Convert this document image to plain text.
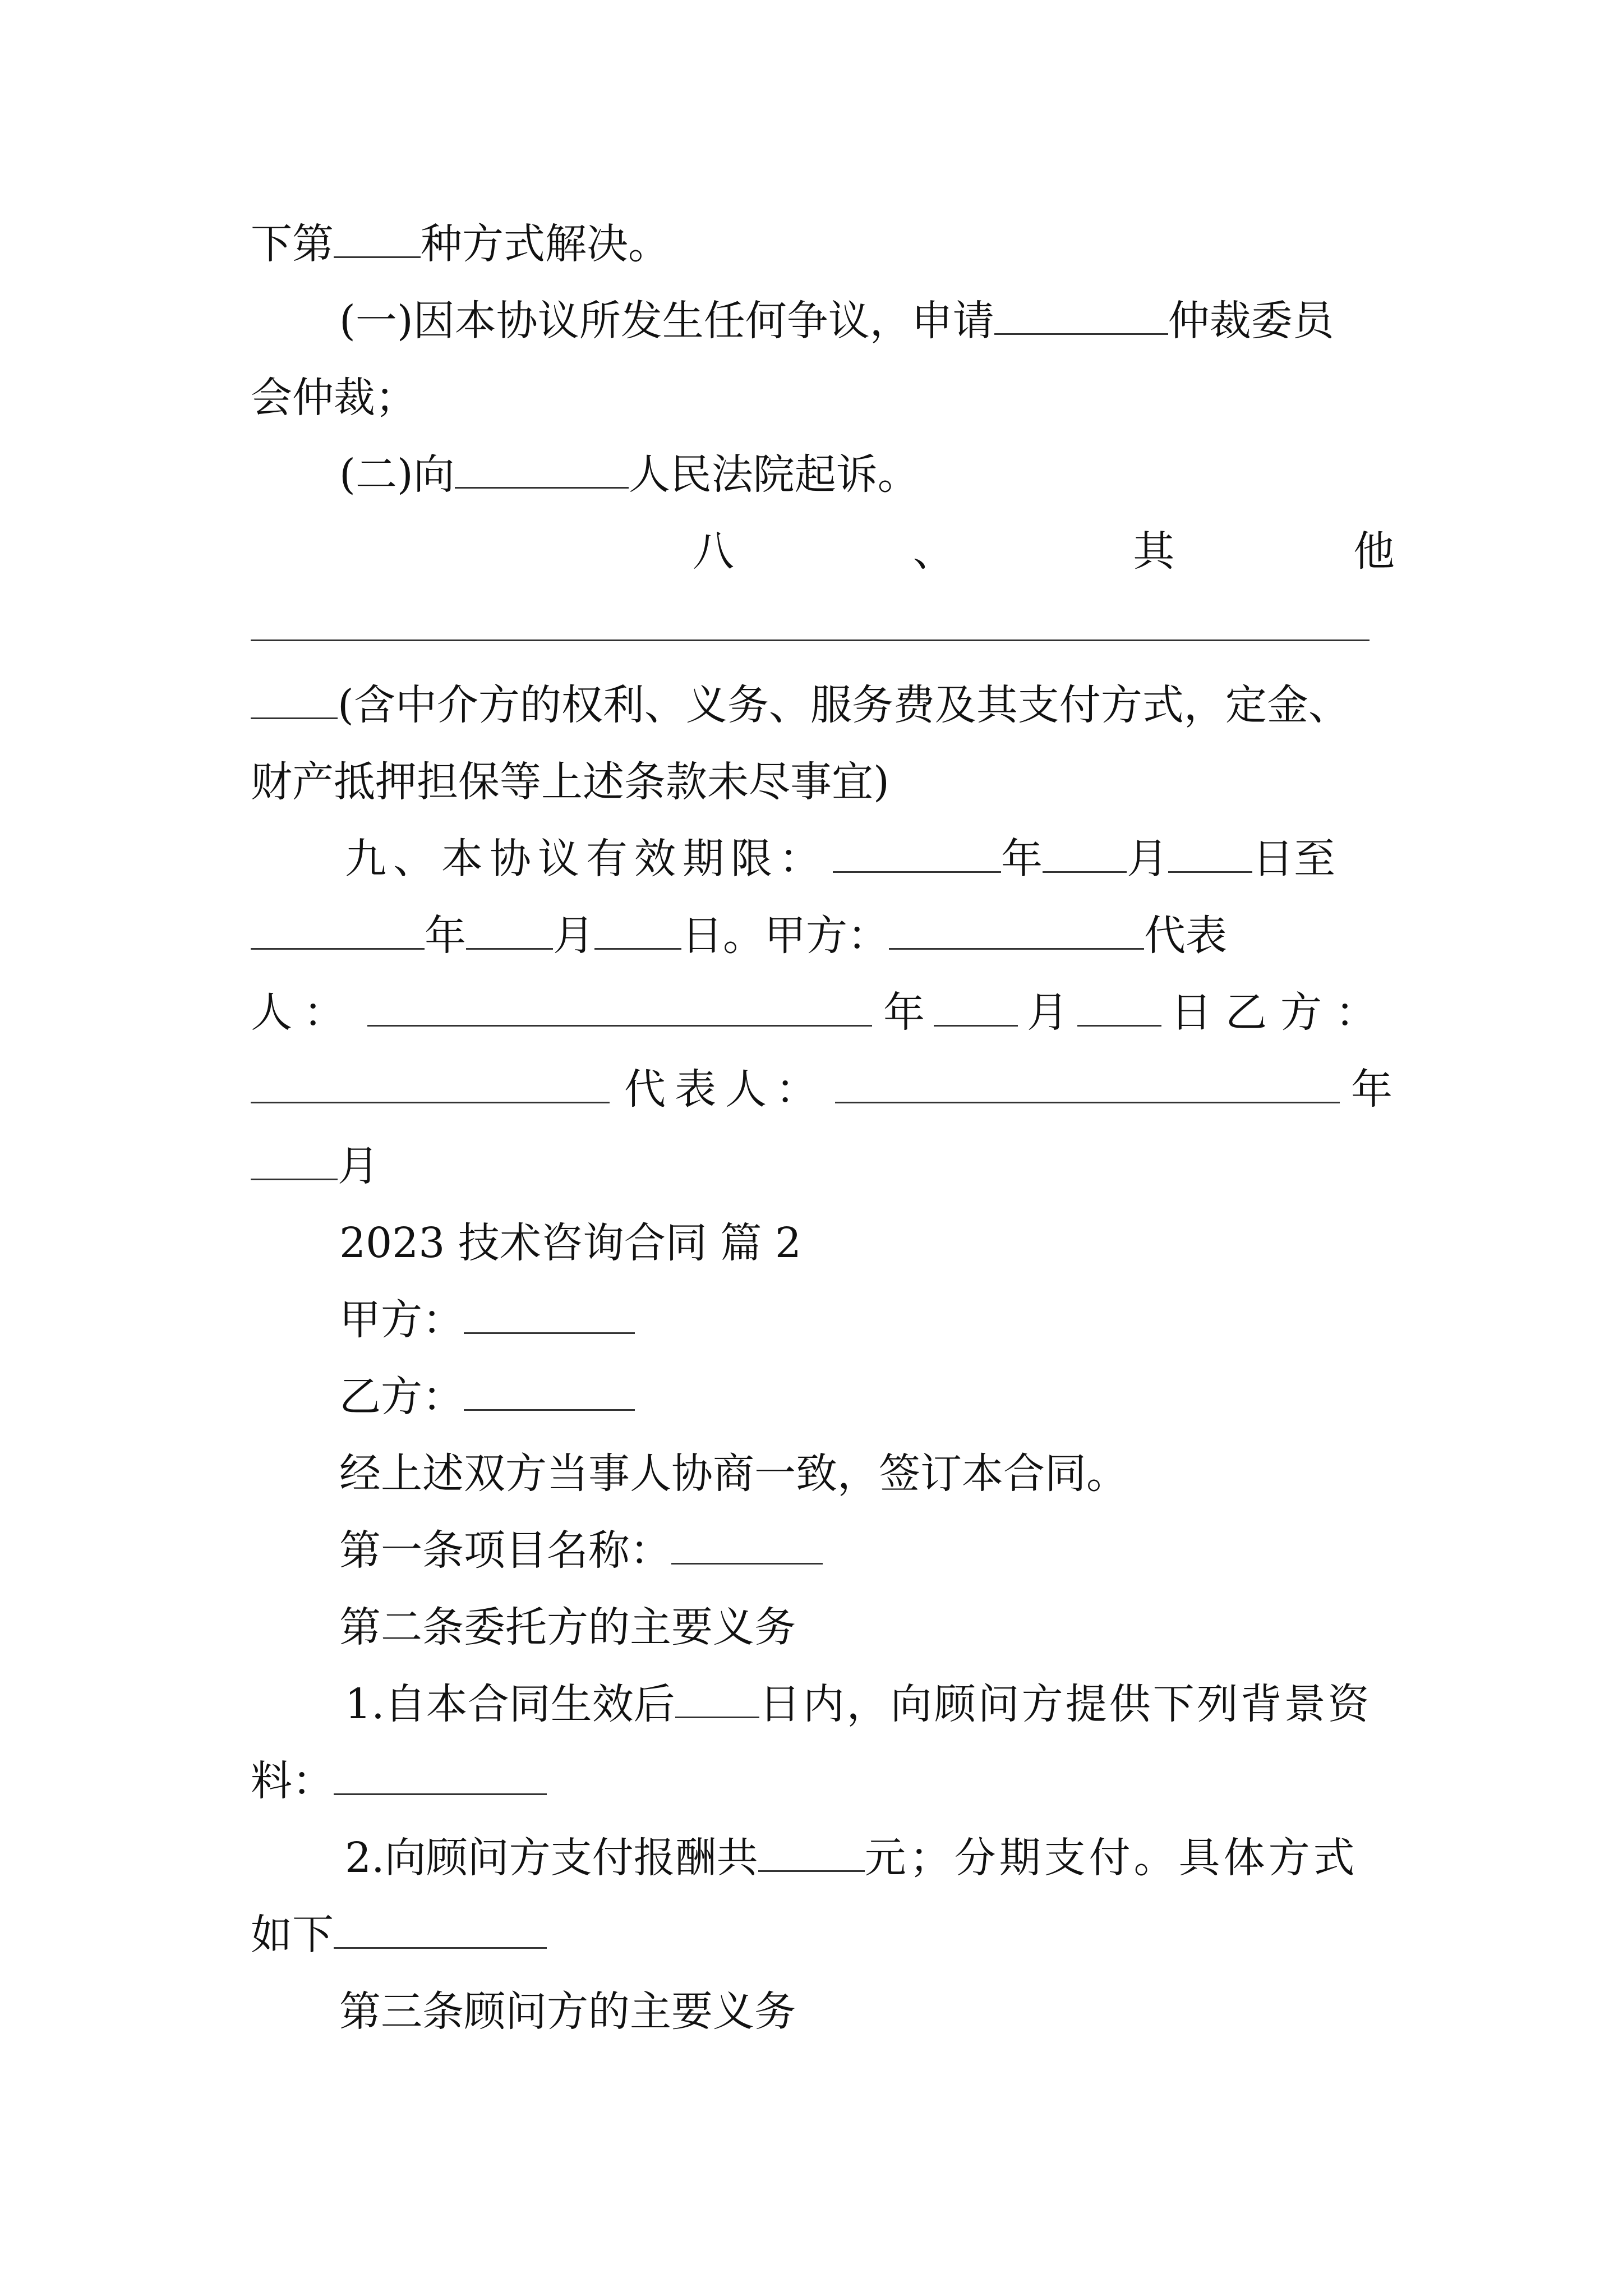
下第 种方式解决。
(一)因本协议所发生任何争议，申请	仲裁委员
会仲裁；
(二)向	人民法院起诉。
八	、	其	他
(含中介方的权利、义务、服务费及其支付方式，定金、
财产抵押担保等上述条款未尽事宜)
九、本协议有效期限：	年 月 日至
年 月 日。甲方：	代表
人：	年 月 日乙方：
代表人：	年
月
2023 技术咨询合同 篇 2
甲方：
乙方：
经上述双方当事人协商一致，签订本合同。
第一条项目名称：
第二条委托方的主要义务
1.自本合同生效后 日内，向顾问方提供下列背景资
料：
2.向顾问方支付报酬共	元；分期支付。具体方式
如下
第三条顾问方的主要义务
